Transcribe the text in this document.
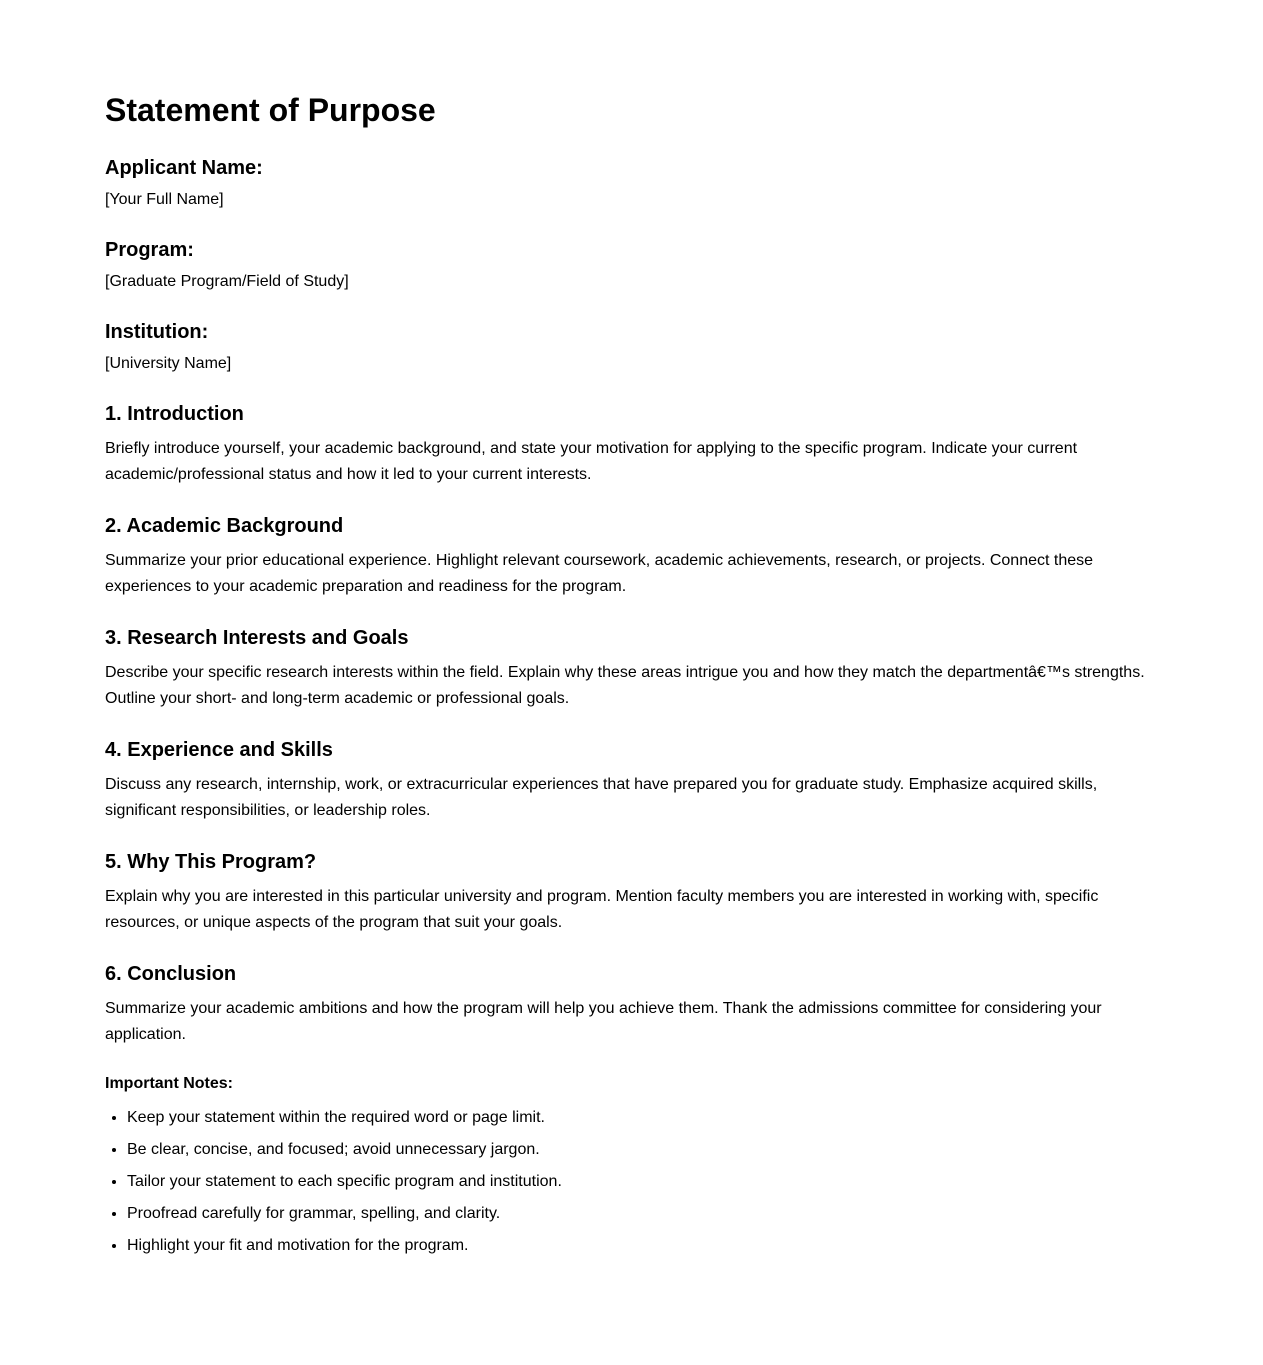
Statement of Purpose
Applicant Name:

[Your Full Name]

Program:

[Graduate Program/Field of Study]

Institution:

[University Name]

1. Introduction

Briefly introduce yourself, your academic background, and state your motivation for applying to the specific program. Indicate your current academic/professional status and how it led to your current interests.

2. Academic Background

Summarize your prior educational experience. Highlight relevant coursework, academic achievements, research, or projects. Connect these experiences to your academic preparation and readiness for the program.

3. Research Interests and Goals

Describe your specific research interests within the field. Explain why these areas intrigue you and how they match the departmentâ€™s strengths. Outline your short- and long-term academic or professional goals.

4. Experience and Skills

Discuss any research, internship, work, or extracurricular experiences that have prepared you for graduate study. Emphasize acquired skills, significant responsibilities, or leadership roles.

5. Why This Program?

Explain why you are interested in this particular university and program. Mention faculty members you are interested in working with, specific resources, or unique aspects of the program that suit your goals.

6. Conclusion

Summarize your academic ambitions and how the program will help you achieve them. Thank the admissions committee for considering your application.

Important Notes:
• Keep your statement within the required word or page limit.
• Be clear, concise, and focused; avoid unnecessary jargon.
• Tailor your statement to each specific program and institution.
• Proofread carefully for grammar, spelling, and clarity.
• Highlight your fit and motivation for the program.
